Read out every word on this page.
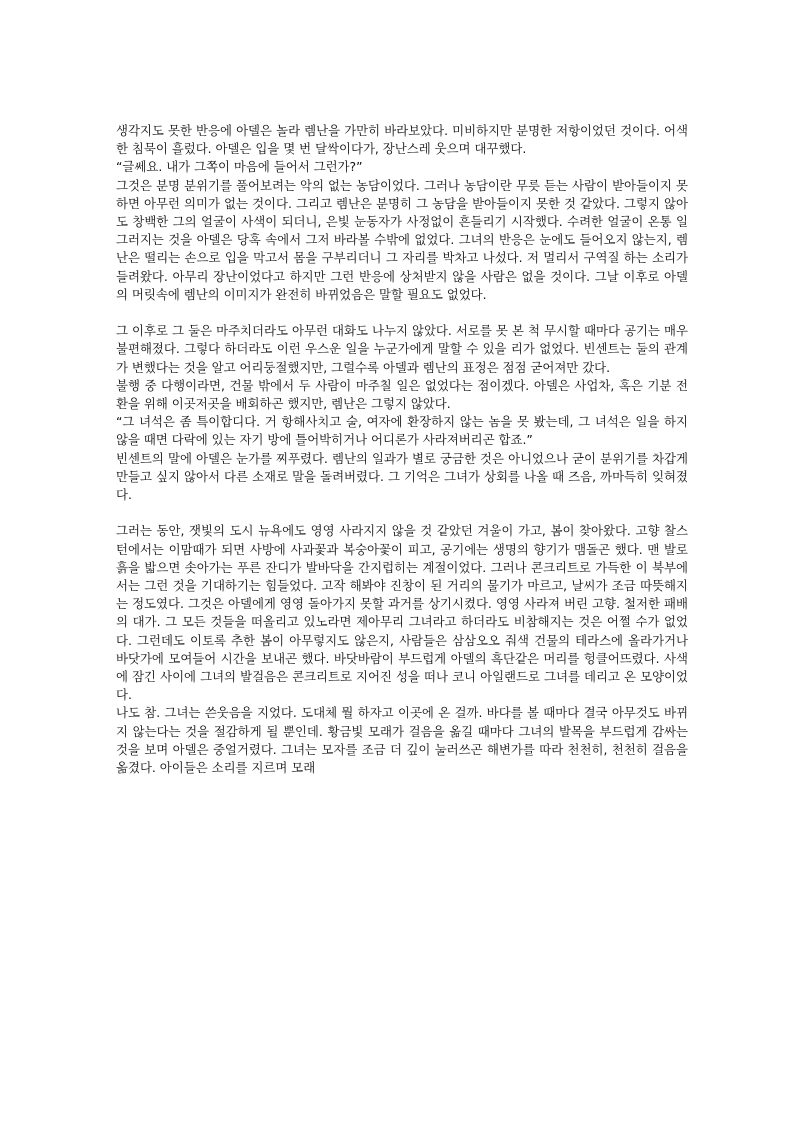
생각지도 못한 반응에 아델은 놀라 렘난을 가만히 바라보았다. 미비하지만 분명한 저항이었던 것이다. 어색한 침묵이 흘렀다. 아델은 입을 몇 번 달싹이다가, 장난스레 웃으며 대꾸했다.

“글쎄요. 내가 그쪽이 마음에 들어서 그런가?”

그것은 분명 분위기를 풀어보려는 악의 없는 농담이었다. 그러나 농담이란 무릇 듣는 사람이 받아들이지 못하면 아무런 의미가 없는 것이다. 그리고 렘난은 분명히 그 농담을 받아들이지 못한 것 같았다. 그렇지 않아도 창백한 그의 얼굴이 사색이 되더니, 은빛 눈동자가 사정없이 흔들리기 시작했다. 수려한 얼굴이 온통 일그러지는 것을 아델은 당혹 속에서 그저 바라볼 수밖에 없었다. 그녀의 반응은 눈에도 들어오지 않는지, 렘난은 떨리는 손으로 입을 막고서 몸을 구부리더니 그 자리를 박차고 나섰다. 저 멀리서 구역질 하는 소리가 들려왔다. 아무리 장난이었다고 하지만 그런 반응에 상처받지 않을 사람은 없을 것이다. 그날 이후로 아델의 머릿속에 렘난의 이미지가 완전히 바뀌었음은 말할 필요도 없었다.

그 이후로 그 둘은 마주치더라도 아무런 대화도 나누지 않았다. 서로를 못 본 척 무시할 때마다 공기는 매우 불편해졌다. 그렇다 하더라도 이런 우스운 일을 누군가에게 말할 수 있을 리가 없었다. 빈센트는 둘의 관계가 변했다는 것을 알고 어리둥절했지만, 그럴수록 아델과 렘난의 표정은 점점 굳어져만 갔다.

불행 중 다행이라면, 건물 밖에서 두 사람이 마주칠 일은 없었다는 점이겠다. 아델은 사업차, 혹은 기분 전환을 위해 이곳저곳을 배회하곤 했지만, 렘난은 그렇지 않았다.

“그 녀석은 좀 특이합디다. 거 항해사치고 술, 여자에 환장하지 않는 놈을 못 봤는데, 그 녀석은 일을 하지 않을 때면 다락에 있는 자기 방에 틀어박히거나 어디론가 사라져버리곤 합죠.”

빈센트의 말에 아델은 눈가를 찌푸렸다. 렘난의 일과가 별로 궁금한 것은 아니었으나 굳이 분위기를 차갑게 만들고 싶지 않아서 다른 소재로 말을 돌려버렸다. 그 기억은 그녀가 상회를 나올 때 즈음, 까마득히 잊혀졌다.

그러는 동안, 잿빛의 도시 뉴욕에도 영영 사라지지 않을 것 같았던 겨울이 가고, 봄이 찾아왔다. 고향 찰스턴에서는 이맘때가 되면 사방에 사과꽃과 복숭아꽃이 피고, 공기에는 생명의 향기가 맴돌곤 했다. 맨 발로 흙을 밟으면 솟아가는 푸른 잔디가 발바닥을 간지럽히는 계절이었다. 그러나 콘크리트로 가득한 이 북부에서는 그런 것을 기대하기는 힘들었다. 고작 해봐야 진창이 된 거리의 물기가 마르고, 날씨가 조금 따뜻해지는 정도였다. 그것은 아델에게 영영 돌아가지 못할 과거를 상기시켰다. 영영 사라져 버린 고향. 철저한 패배의 대가. 그 모든 것들을 떠올리고 있노라면 제아무리 그녀라고 하더라도 비참해지는 것은 어쩔 수가 없었다. 그런데도 이토록 추한 봄이 아무렇지도 않은지, 사람들은 삼삼오오 줘색 건물의 테라스에 올라가거나 바닷가에 모여들어 시간을 보내곤 했다. 바닷바람이 부드럽게 아델의 흑단같은 머리를 헝클어뜨렸다. 사색에 잠긴 사이에 그녀의 발걸음은 콘크리트로 지어진 성을 떠나 코니 아일랜드로 그녀를 데리고 온 모양이었다.

나도 참. 그녀는 쓴웃음을 지었다. 도대체 뭘 하자고 이곳에 온 걸까. 바다를 볼 때마다 결국 아무것도 바뀌지 않는다는 것을 절감하게 될 뿐인데. 황금빛 모래가 걸음을 옮길 때마다 그녀의 발목을 부드럽게 감싸는 것을 보며 아델은 중얼거렸다. 그녀는 모자를 조금 더 깊이 눌러쓰곤 해변가를 따라 천천히, 천천히 걸음을 옮겼다. 아이들은 소리를 지르며 모래
